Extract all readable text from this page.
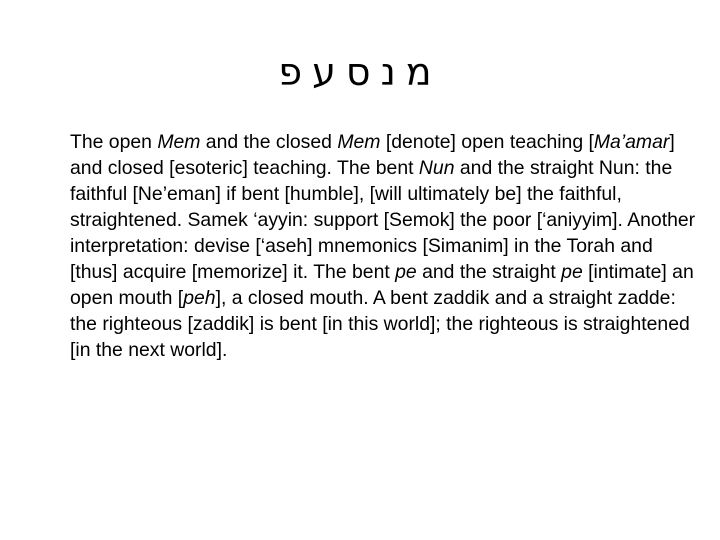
מנסעפ

The open Mem and the closed Mem [denote] open teaching [Ma’amar] and closed [esoteric] teaching. The bent Nun and the straight Nun: the faithful [Ne’eman] if bent [humble], [will ultimately be] the faithful, straightened. Samek ‘ayyin: support [Semok] the poor [‘aniyyim]. Another interpretation: devise [‘aseh] mnemonics [Simanim] in the Torah and [thus] acquire [memorize] it. The bent pe and the straight pe [intimate] an open mouth [peh], a closed mouth. A bent zaddik and a straight zadde: the righteous [zaddik] is bent [in this world]; the righteous is straightened [in the next world].
